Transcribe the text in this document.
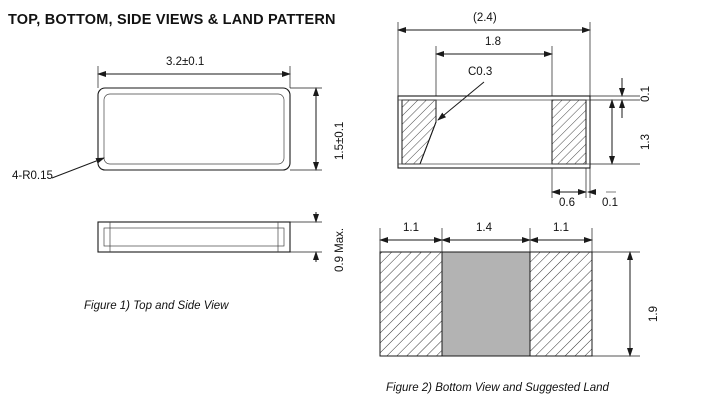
TOP, BOTTOM, SIDE VIEWS & LAND PATTERN
3.2±0.1
1.5±0.1
4-R0.15
0.9 Max.
(2.4)
1.8
C0.3
0.1
1.3
0.6 0.1
1.1	1.4	1.1
1.9
Figure 1) Top and Side View
Figure 2) Bottom View and Suggested Land
